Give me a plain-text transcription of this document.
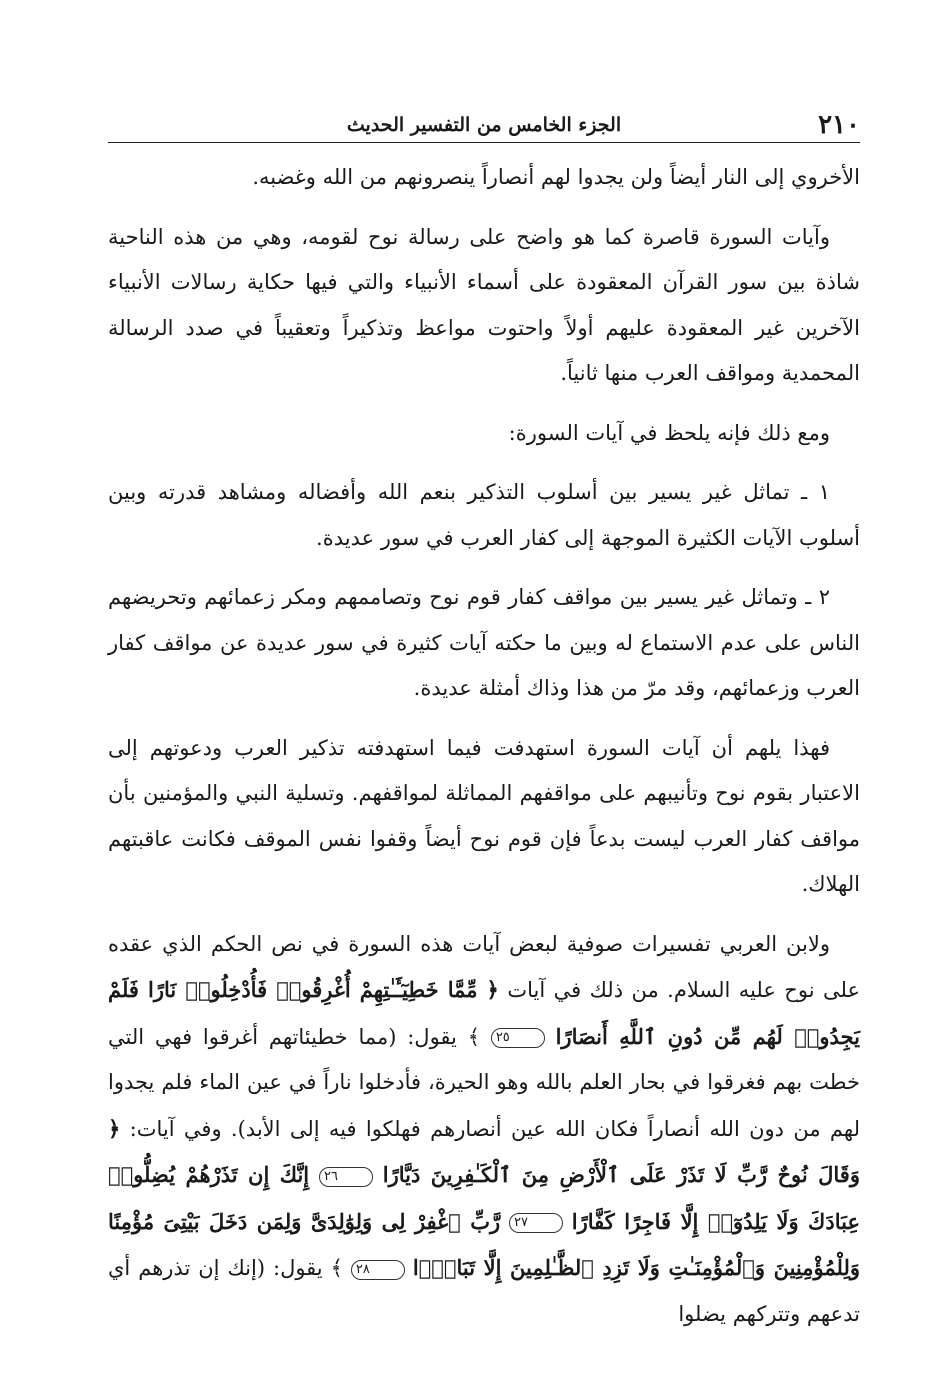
٢١٠
الجزء الخامس من التفسير الحديث

الأخروي إلى النار أيضاً ولن يجدوا لهم أنصاراً ينصرونهم من الله وغضبه.

وآيات السورة قاصرة كما هو واضح على رسالة نوح لقومه، وهي من هذه الناحية شاذة بين سور القرآن المعقودة على أسماء الأنبياء والتي فيها حكاية رسالات الأنبياء الآخرين غير المعقودة عليهم أولاً واحتوت مواعظ وتذكيراً وتعقيباً في صدد الرسالة المحمدية ومواقف العرب منها ثانياً.

ومع ذلك فإنه يلحظ في آيات السورة:

١ ـ تماثل غير يسير بين أسلوب التذكير بنعم الله وأفضاله ومشاهد قدرته وبين أسلوب الآيات الكثيرة الموجهة إلى كفار العرب في سور عديدة.

٢ ـ وتماثل غير يسير بين مواقف كفار قوم نوح وتصاممهم ومكر زعمائهم وتحريضهم الناس على عدم الاستماع له وبين ما حكته آيات كثيرة في سور عديدة عن مواقف كفار العرب وزعمائهم، وقد مرّ من هذا وذاك أمثلة عديدة.

فهذا يلهم أن آيات السورة استهدفت فيما استهدفته تذكير العرب ودعوتهم إلى الاعتبار بقوم نوح وتأنيبهم على مواقفهم المماثلة لمواقفهم. وتسلية النبي والمؤمنين بأن مواقف كفار العرب ليست بدعاً فإن قوم نوح أيضاً وقفوا نفس الموقف فكانت عاقبتهم الهلاك.

ولابن العربي تفسيرات صوفية لبعض آيات هذه السورة في نص الحكم الذي عقده على نوح عليه السلام. من ذلك في آيات ﴿ مِّمَّا خَطِيٓـَٔـٰتِهِمْ أُغْرِقُوا۟ فَأُدْخِلُوا۟ نَارًا فَلَمْ يَجِدُوا۟ لَهُم مِّن دُونِ ٱللَّهِ أَنصَارًا ٢٥ ﴾ يقول: (مما خطيئاتهم أغرقوا فهي التي خطت بهم فغرقوا في بحار العلم بالله وهو الحيرة، فأدخلوا ناراً في عين الماء فلم يجدوا لهم من دون الله أنصاراً فكان الله عين أنصارهم فهلكوا فيه إلى الأبد). وفي آيات: ﴿ وَقَالَ نُوحٌ رَّبِّ لَا تَذَرْ عَلَى ٱلْأَرْضِ مِنَ ٱلْكَـٰفِرِينَ دَيَّارًا ٢٦ إِنَّكَ إِن تَذَرْهُمْ يُضِلُّوا۟ عِبَادَكَ وَلَا يَلِدُوٓا۟ إِلَّا فَاجِرًا كَفَّارًا ٢٧ رَّبِّ ٱغْفِرْ لِى وَلِوَٰلِدَىَّ وَلِمَن دَخَلَ بَيْتِىَ مُؤْمِنًا وَلِلْمُؤْمِنِينَ وَٱلْمُؤْمِنَـٰتِ وَلَا تَزِدِ ٱلظَّـٰلِمِينَ إِلَّا تَبَارًۢا ٢٨ ﴾ يقول: (إنك إن تذرهم أي تدعهم وتتركهم يضلوا
